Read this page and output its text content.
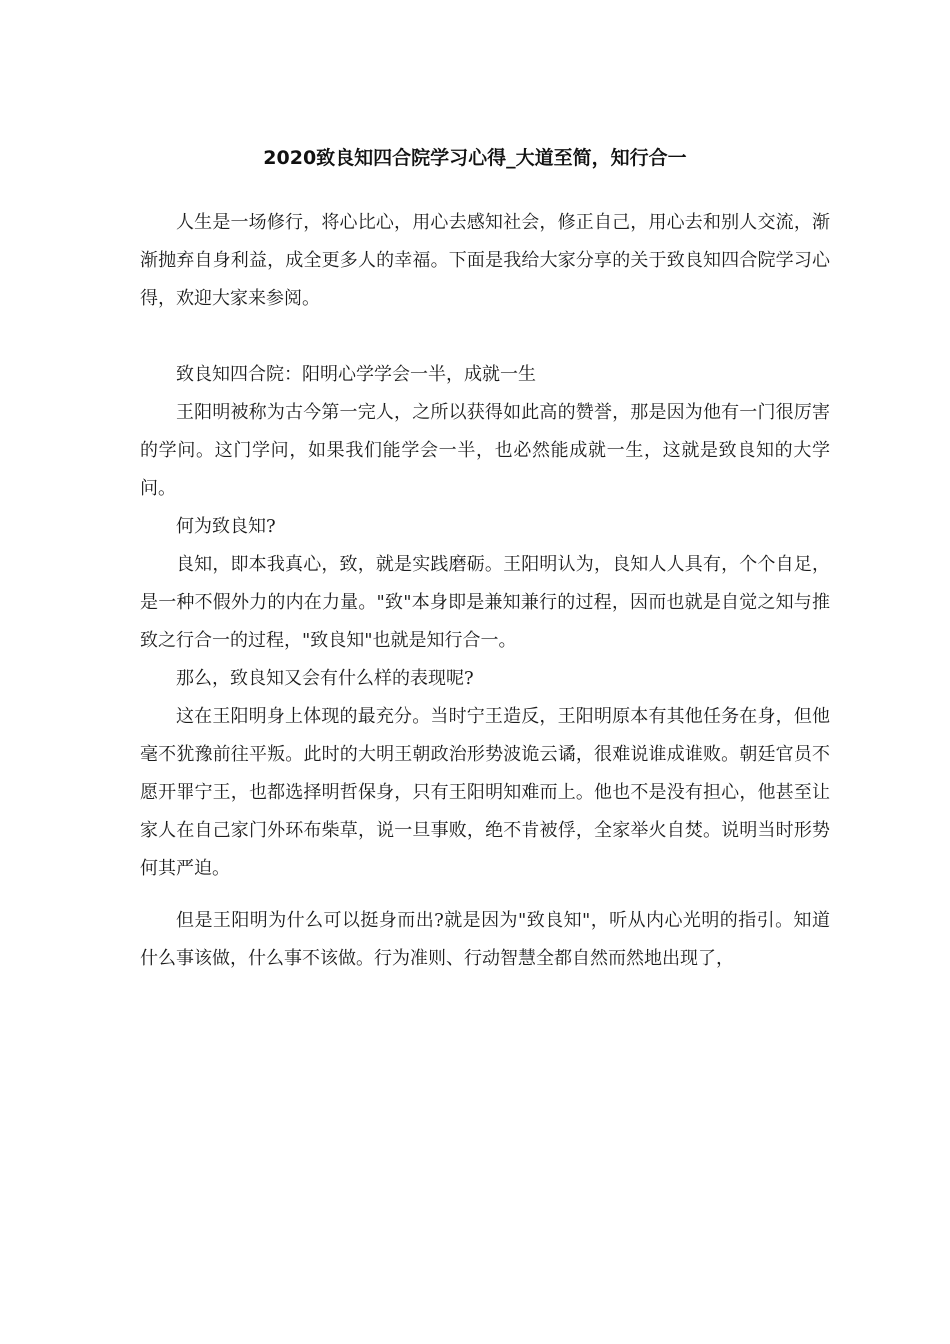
2020致良知四合院学习心得_大道至简，知行合一

人生是一场修行，将心比心，用心去感知社会，修正自己，用心去和别人交流，渐渐抛弃自身利益，成全更多人的幸福。下面是我给大家分享的关于致良知四合院学习心得，欢迎大家来参阅。

致良知四合院：阳明心学学会一半，成就一生

王阳明被称为古今第一完人，之所以获得如此高的赞誉，那是因为他有一门很厉害的学问。这门学问，如果我们能学会一半，也必然能成就一生，这就是致良知的大学问。

何为致良知?

良知，即本我真心，致，就是实践磨砺。王阳明认为，良知人人具有，个个自足，是一种不假外力的内在力量。"致"本身即是兼知兼行的过程，因而也就是自觉之知与推致之行合一的过程，"致良知"也就是知行合一。

那么，致良知又会有什么样的表现呢?

这在王阳明身上体现的最充分。当时宁王造反，王阳明原本有其他任务在身，但他毫不犹豫前往平叛。此时的大明王朝政治形势波诡云谲，很难说谁成谁败。朝廷官员不愿开罪宁王，也都选择明哲保身，只有王阳明知难而上。他也不是没有担心，他甚至让家人在自己家门外环布柴草，说一旦事败，绝不肯被俘，全家举火自焚。说明当时形势何其严迫。

但是王阳明为什么可以挺身而出?就是因为"致良知"，听从内心光明的指引。知道什么事该做，什么事不该做。行为准则、行动智慧全都自然而然地出现了，
